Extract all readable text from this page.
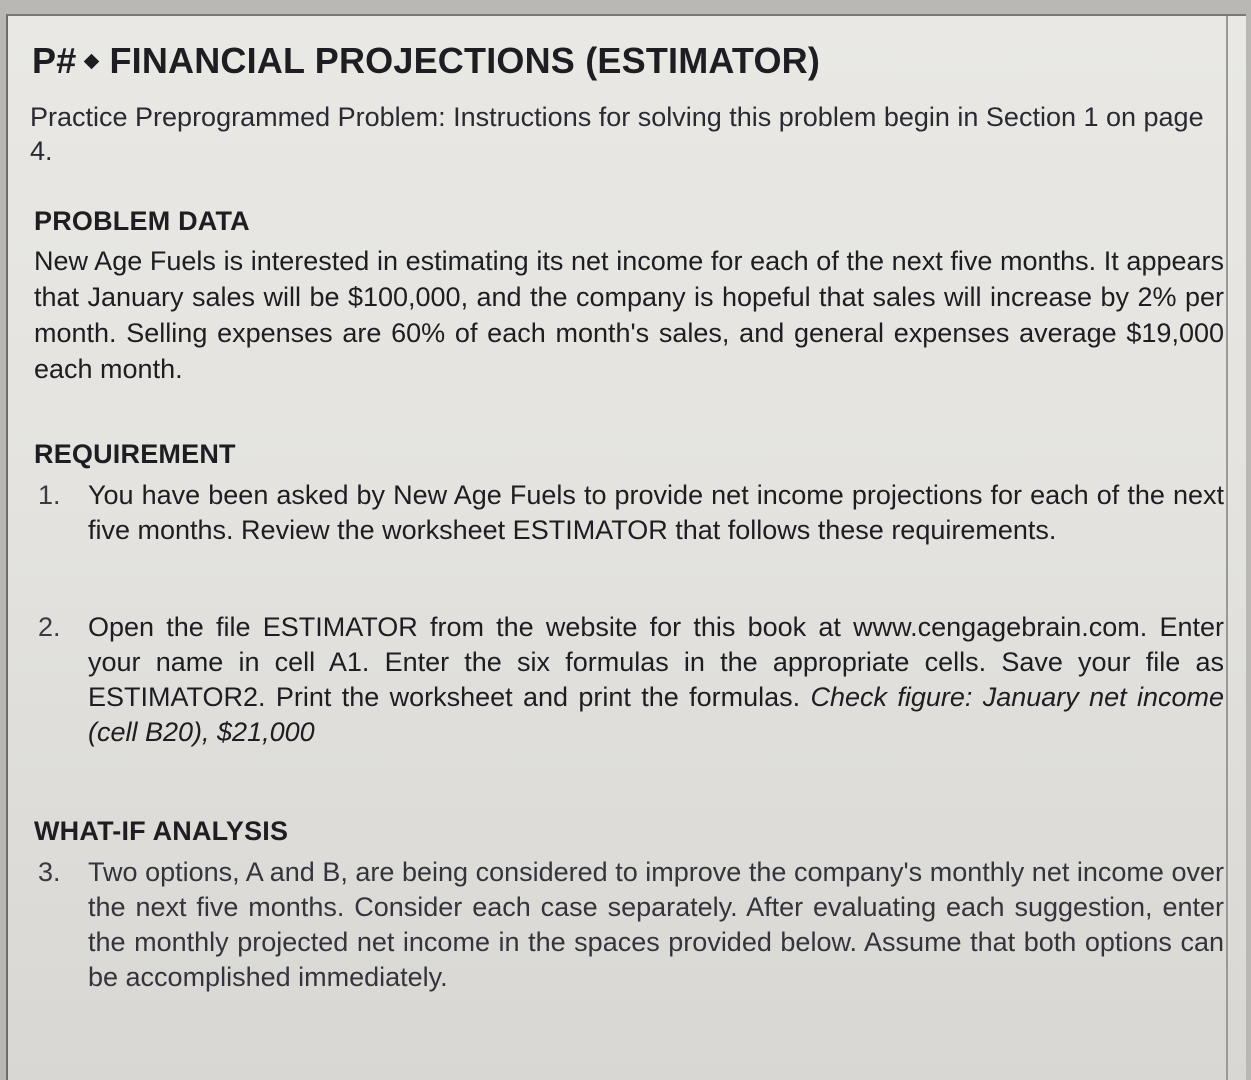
P# FINANCIAL PROJECTIONS (ESTIMATOR)
Practice Preprogrammed Problem: Instructions for solving this problem begin in Section 1 on page 4.
PROBLEM DATA
New Age Fuels is interested in estimating its net income for each of the next five months. It appears that January sales will be $100,000, and the company is hopeful that sales will increase by 2% per month. Selling expenses are 60% of each month's sales, and general expenses average $19,000 each month.
REQUIREMENT
1.	You have been asked by New Age Fuels to provide net income projections for each of the next five months. Review the worksheet ESTIMATOR that follows these requirements.
2.	Open the file ESTIMATOR from the website for this book at www.cengagebrain.com. Enter your name in cell A1. Enter the six formulas in the appropriate cells. Save your file as ESTIMATOR2. Print the worksheet and print the formulas. Check figure: January net income (cell B20), $21,000
WHAT-IF ANALYSIS
3.	Two options, A and B, are being considered to improve the company's monthly net income over the next five months. Consider each case separately. After evaluating each suggestion, enter the monthly projected net income in the spaces provided below. Assume that both options can be accomplished immediately.
